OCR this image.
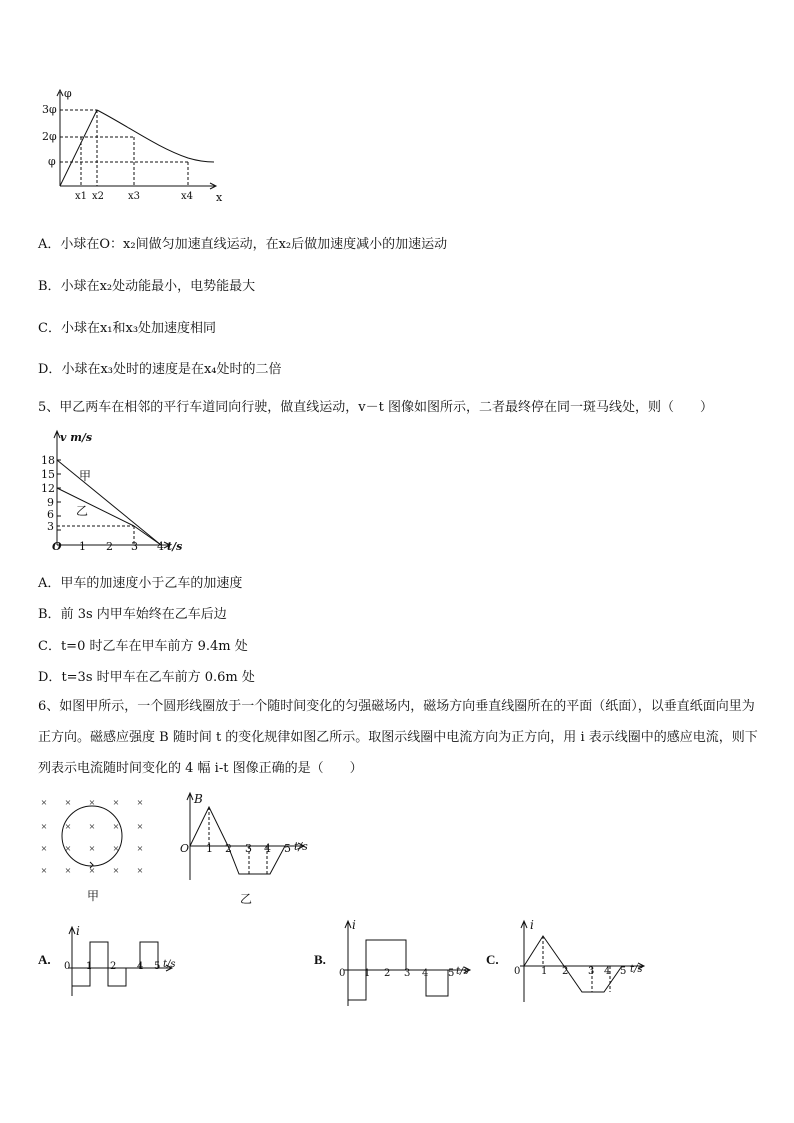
φ
3φ
2φ
φ
x1 x2 x3	x4 x
A．小球在O：x₂间做匀加速直线运动，在x₂后做加速度减小的加速运动
B．小球在x₂处动能最小，电势能最大
C．小球在x₁和x₃处加速度相同
D．小球在x₃处时的速度是在x₄处时的二倍
5、甲乙两车在相邻的平行车道同向行驶，做直线运动，v－t 图像如图所示，二者最终停在同一斑马线处，则（　　）
v m/s
18
15
12
9
6
3
O 1 2 3 4 t/s
甲
乙
A．甲车的加速度小于乙车的加速度
B．前 3s 内甲车始终在乙车后边
C．t=0 时乙车在甲车前方 9.4m 处
D．t=3s 时甲车在乙车前方 0.6m 处
6、如图甲所示，一个圆形线圈放于一个随时间变化的匀强磁场内，磁场方向垂直线圈所在的平面（纸面），以垂直纸面向里为正方向。磁感应强度 B 随时间 t 的变化规律如图乙所示。取图示线圈中电流方向为正方向，用 i 表示线圈中的感应电流，则下列表示电流随时间变化的 4 幅 i-t 图像正确的是（　　）
× × × × ×
× × × × ×
× × × × ×
× × × × ×
甲
B
O 1 2 3 4 5 t/s
乙
A.
i
0 1 2 4 5 t/s	B.
i
0 1 2 3 4 5 t/s
C.
i
0 1 2 3 4 5 t/s
